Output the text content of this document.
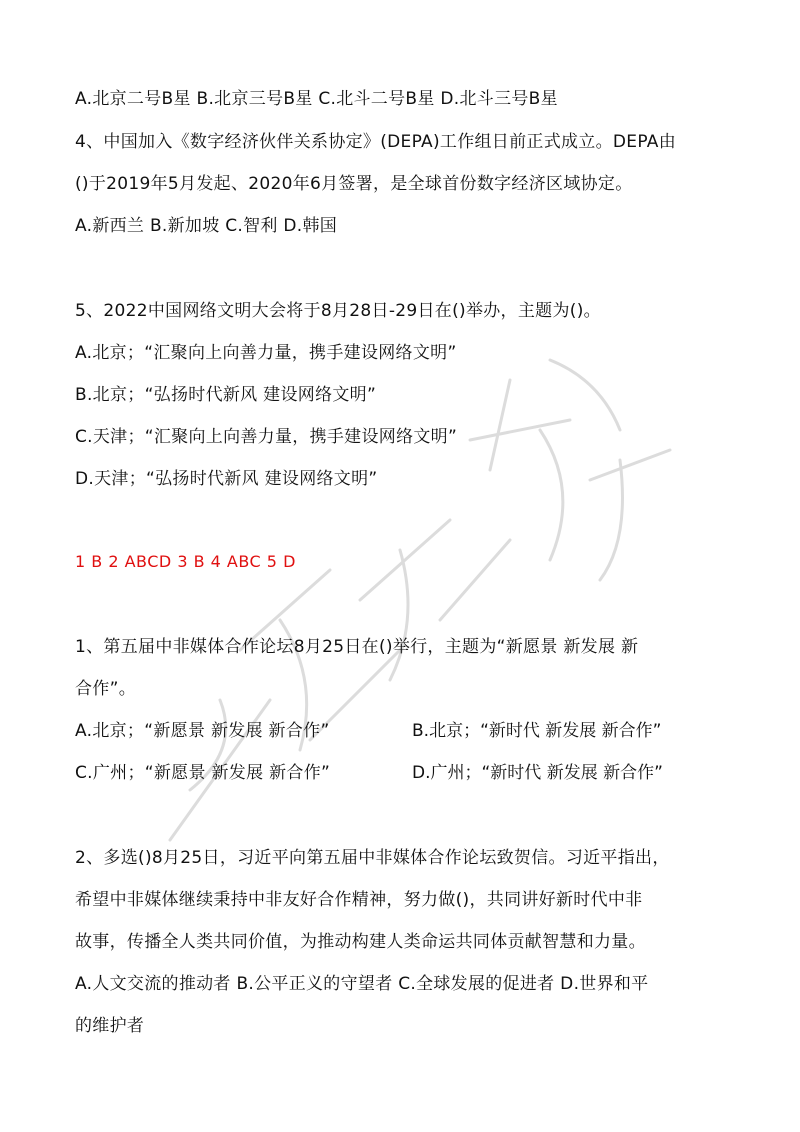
A.北京二号B星 B.北京三号B星 C.北斗二号B星 D.北斗三号B星
4、中国加入《数字经济伙伴关系协定》(DEPA)工作组日前正式成立。DEPA由
()于2019年5月发起、2020年6月签署，是全球首份数字经济区域协定。
A.新西兰 B.新加坡 C.智利 D.韩国
5、2022中国网络文明大会将于8月28日-29日在()举办，主题为()。
A.北京；“汇聚向上向善力量，携手建设网络文明”
B.北京；“弘扬时代新风 建设网络文明”
C.天津；“汇聚向上向善力量，携手建设网络文明”
D.天津；“弘扬时代新风 建设网络文明”
1 B 2 ABCD 3 B 4 ABC 5 D
1、第五届中非媒体合作论坛8月25日在()举行，主题为“新愿景 新发展 新
合作”。
A.北京；“新愿景 新发展 新合作”	B.北京；“新时代 新发展 新合作”
C.广州；“新愿景 新发展 新合作”	D.广州；“新时代 新发展 新合作”
2、多选()8月25日，习近平向第五届中非媒体合作论坛致贺信。习近平指出，
希望中非媒体继续秉持中非友好合作精神，努力做()，共同讲好新时代中非
故事，传播全人类共同价值，为推动构建人类命运共同体贡献智慧和力量。
A.人文交流的推动者 B.公平正义的守望者 C.全球发展的促进者 D.世界和平
的维护者
